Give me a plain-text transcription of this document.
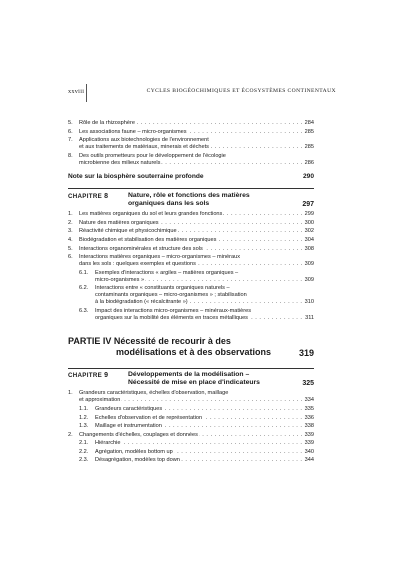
xxviii	CYCLES BIOGÉOCHIMIQUES ET ÉCOSYSTÈMES CONTINENTAUX
5.	Rôle de la rhizosphère . . .	284
6.	Les associations faune – micro-organismes . . .	285
7.	Applications aux biotechnologies de l'environnement
et aux traitements de matériaux, minerais et déchets . . .	285
8.	Des outils prometteurs pour le développement de l'écologie
microbienne des milieux naturels . . .	286
Note sur la biosphère souterraine profonde	290
CHAPITRE 8	Nature, rôle et fonctions des matières
organiques dans les sols	297
1.	Les matières organiques du sol et leurs grandes fonctions . . .	299
2.	Nature des matières organiques . . .	300
3.	Réactivité chimique et physicochimique . . .	302
4.	Biodégradation et stabilisation des matières organiques . . .	304
5.	Interactions organominérales et structure des sols . . .	308
6.	Interactions matières organiques – micro-organismes – minéraux
dans les sols : quelques exemples et questions . . .	309
6.1.	Exemples d'interactions « argiles – matières organiques –
micro-organismes » . . .	309
6.2.	Interactions entre « constituants organiques naturels –
contaminants organiques – micro-organismes » ; stabilisation
à la biodégradation (« récalcitrante ») . . .	310
6.3.	Impact des interactions micro-organismes – minéraux-matières
organiques sur la mobilité des éléments en traces métalliques . . .	311
PARTIE IV Nécessité de recourir à des
modélisations et à des observations	319
CHAPITRE 9	Développements de la modélisation –
Nécessité de mise en place d'indicateurs	325
1.	Grandeurs caractéristiques, échelles d'observation, maillage
et approximation . . .	334
1.1.	Grandeurs caractéristiques . . .	335
1.2.	Échelles d'observation et de représentation . . .	336
1.3.	Maillage et instrumentation . . .	338
2.	Changements d'échelles, couplages et données . . .	339
2.1.	Hiérarchie . . .	339
2.2.	Agrégation, modèles bottom up . . .	340
2.3.	Désagrégation, modèles top down . . .	344
